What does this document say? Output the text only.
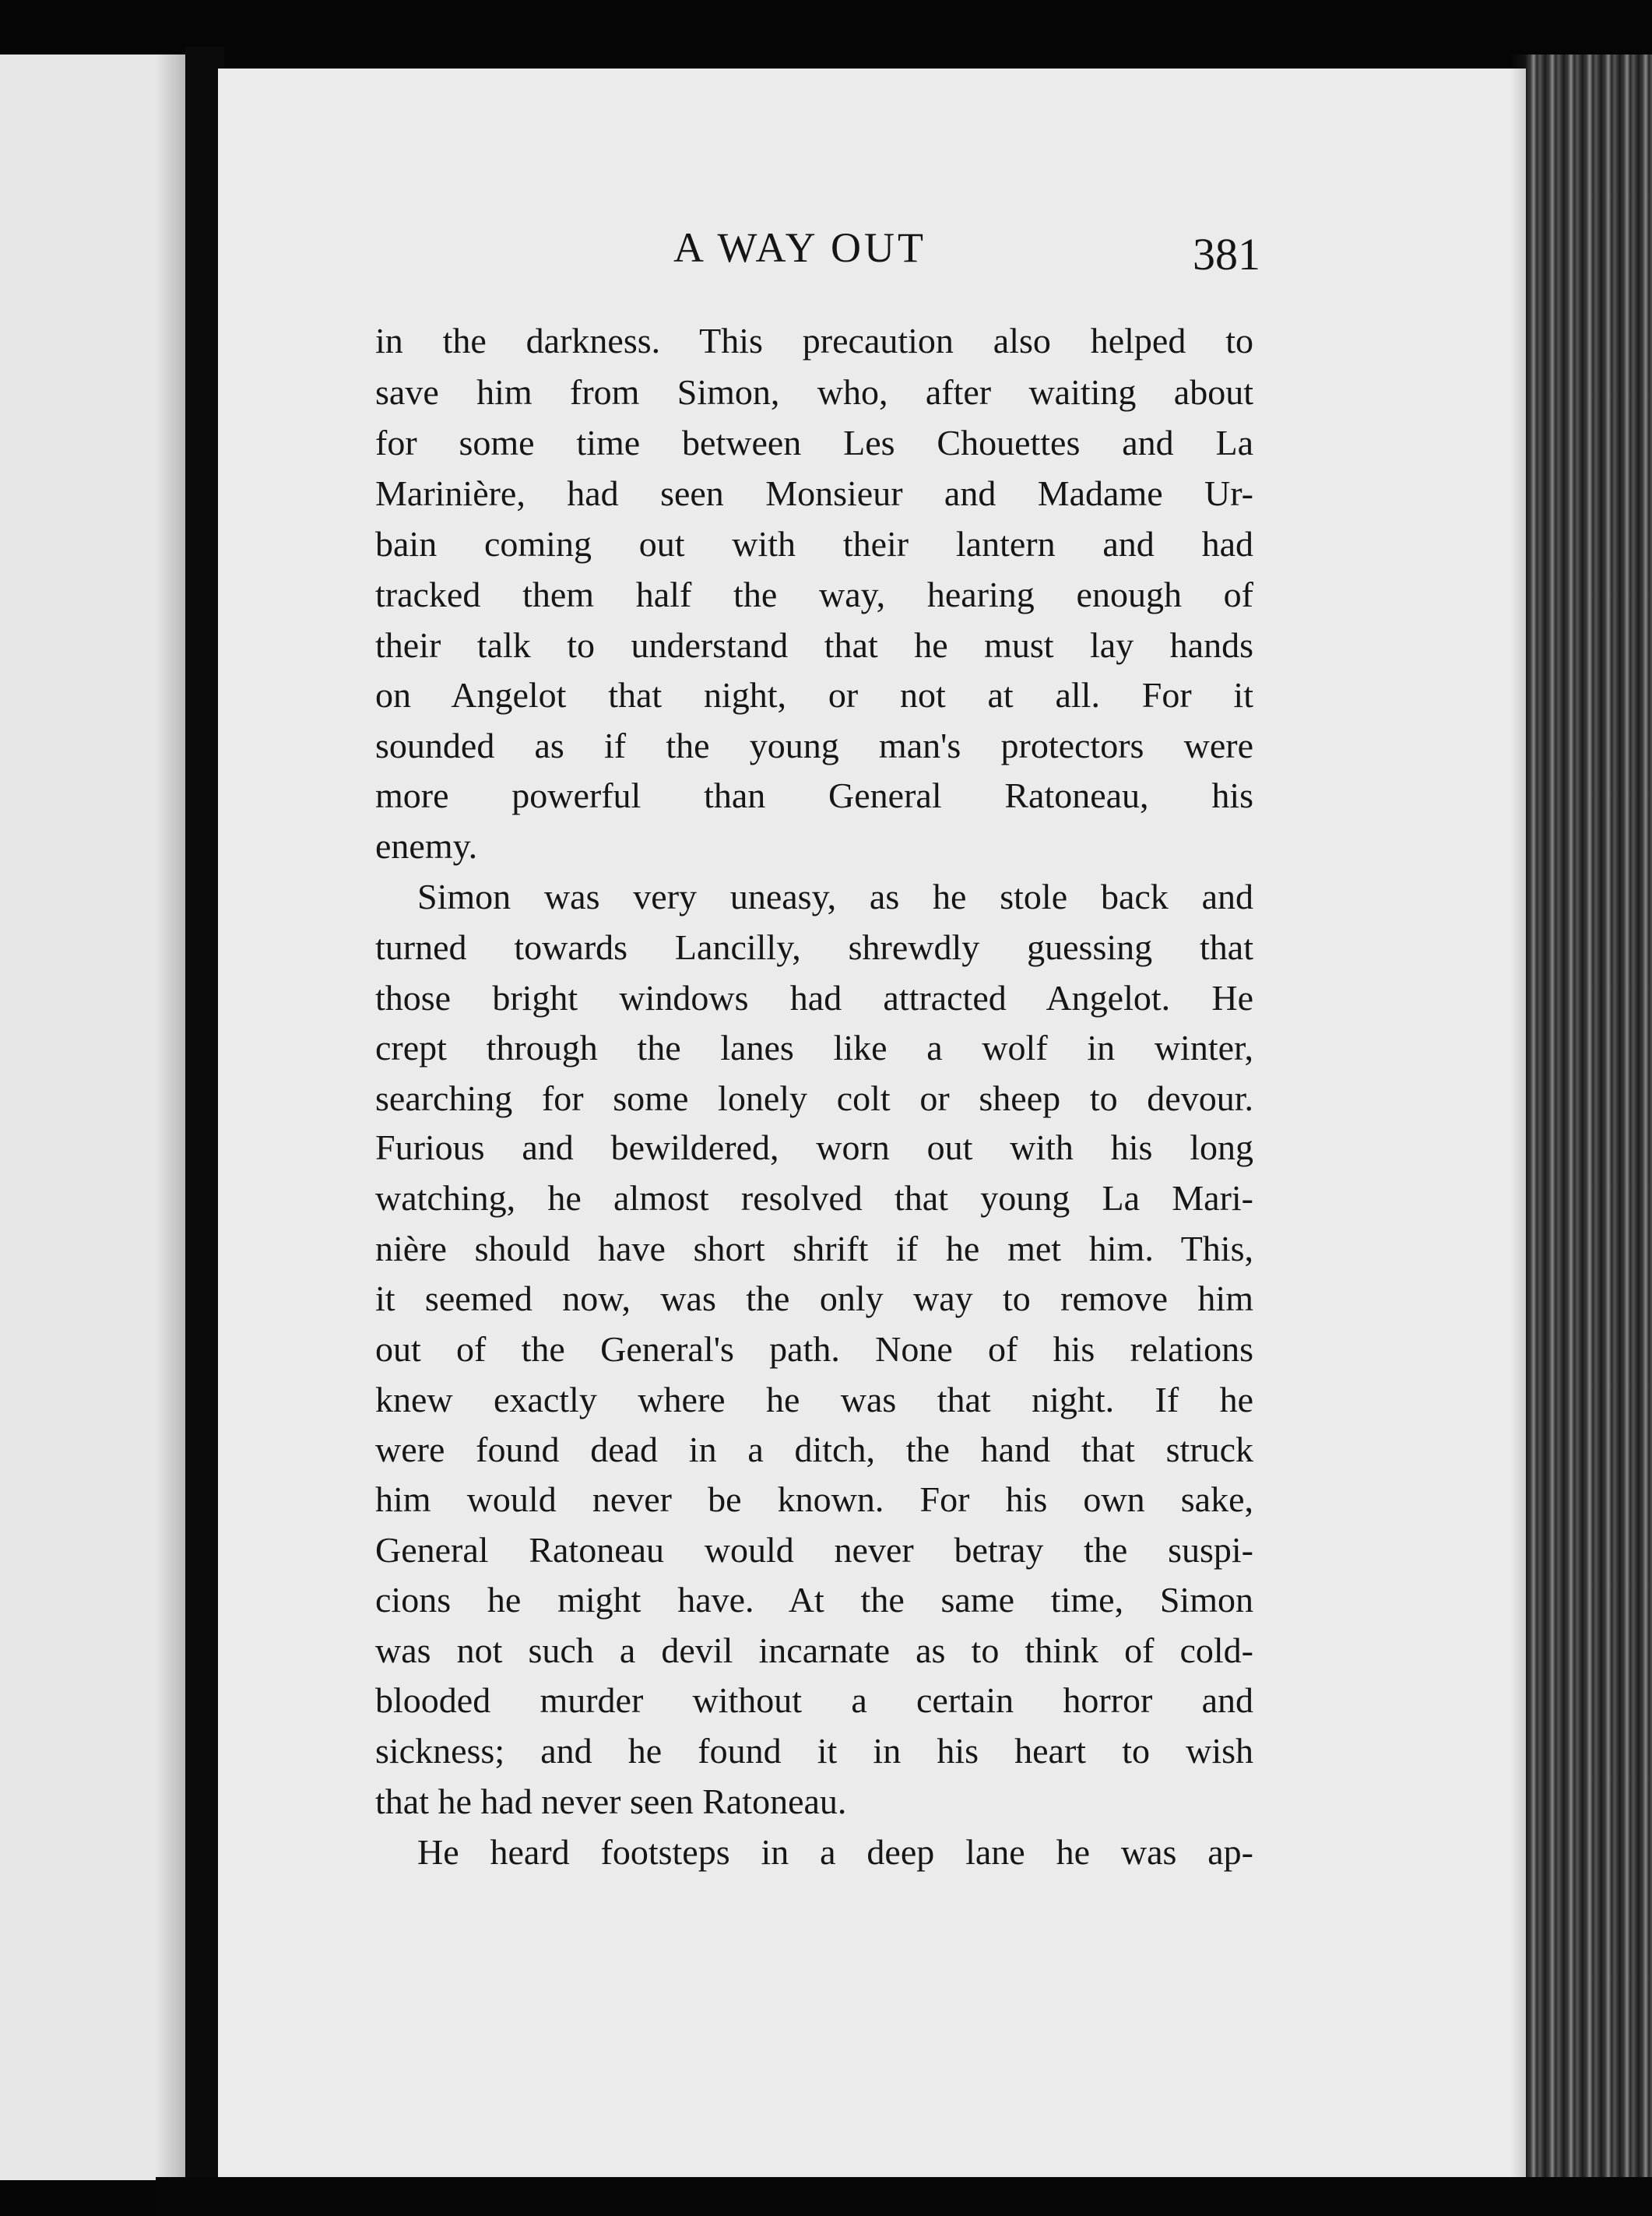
A WAY OUT	381
in the darkness. This precaution also helped to
save him from Simon, who, after waiting about
for some time between Les Chouettes and La
Marinière, had seen Monsieur and Madame Ur-
bain coming out with their lantern and had
tracked them half the way, hearing enough of
their talk to understand that he must lay hands
on Angelot that night, or not at all. For it
sounded as if the young man's protectors were
more powerful than General Ratoneau, his
enemy.
Simon was very uneasy, as he stole back and
turned towards Lancilly, shrewdly guessing that
those bright windows had attracted Angelot. He
crept through the lanes like a wolf in winter,
searching for some lonely colt or sheep to devour.
Furious and bewildered, worn out with his long
watching, he almost resolved that young La Mari-
nière should have short shrift if he met him. This,
it seemed now, was the only way to remove him
out of the General's path. None of his relations
knew exactly where he was that night. If he
were found dead in a ditch, the hand that struck
him would never be known. For his own sake,
General Ratoneau would never betray the suspi-
cions he might have. At the same time, Simon
was not such a devil incarnate as to think of cold-
blooded murder without a certain horror and
sickness; and he found it in his heart to wish
that he had never seen Ratoneau.
He heard footsteps in a deep lane he was ap-
